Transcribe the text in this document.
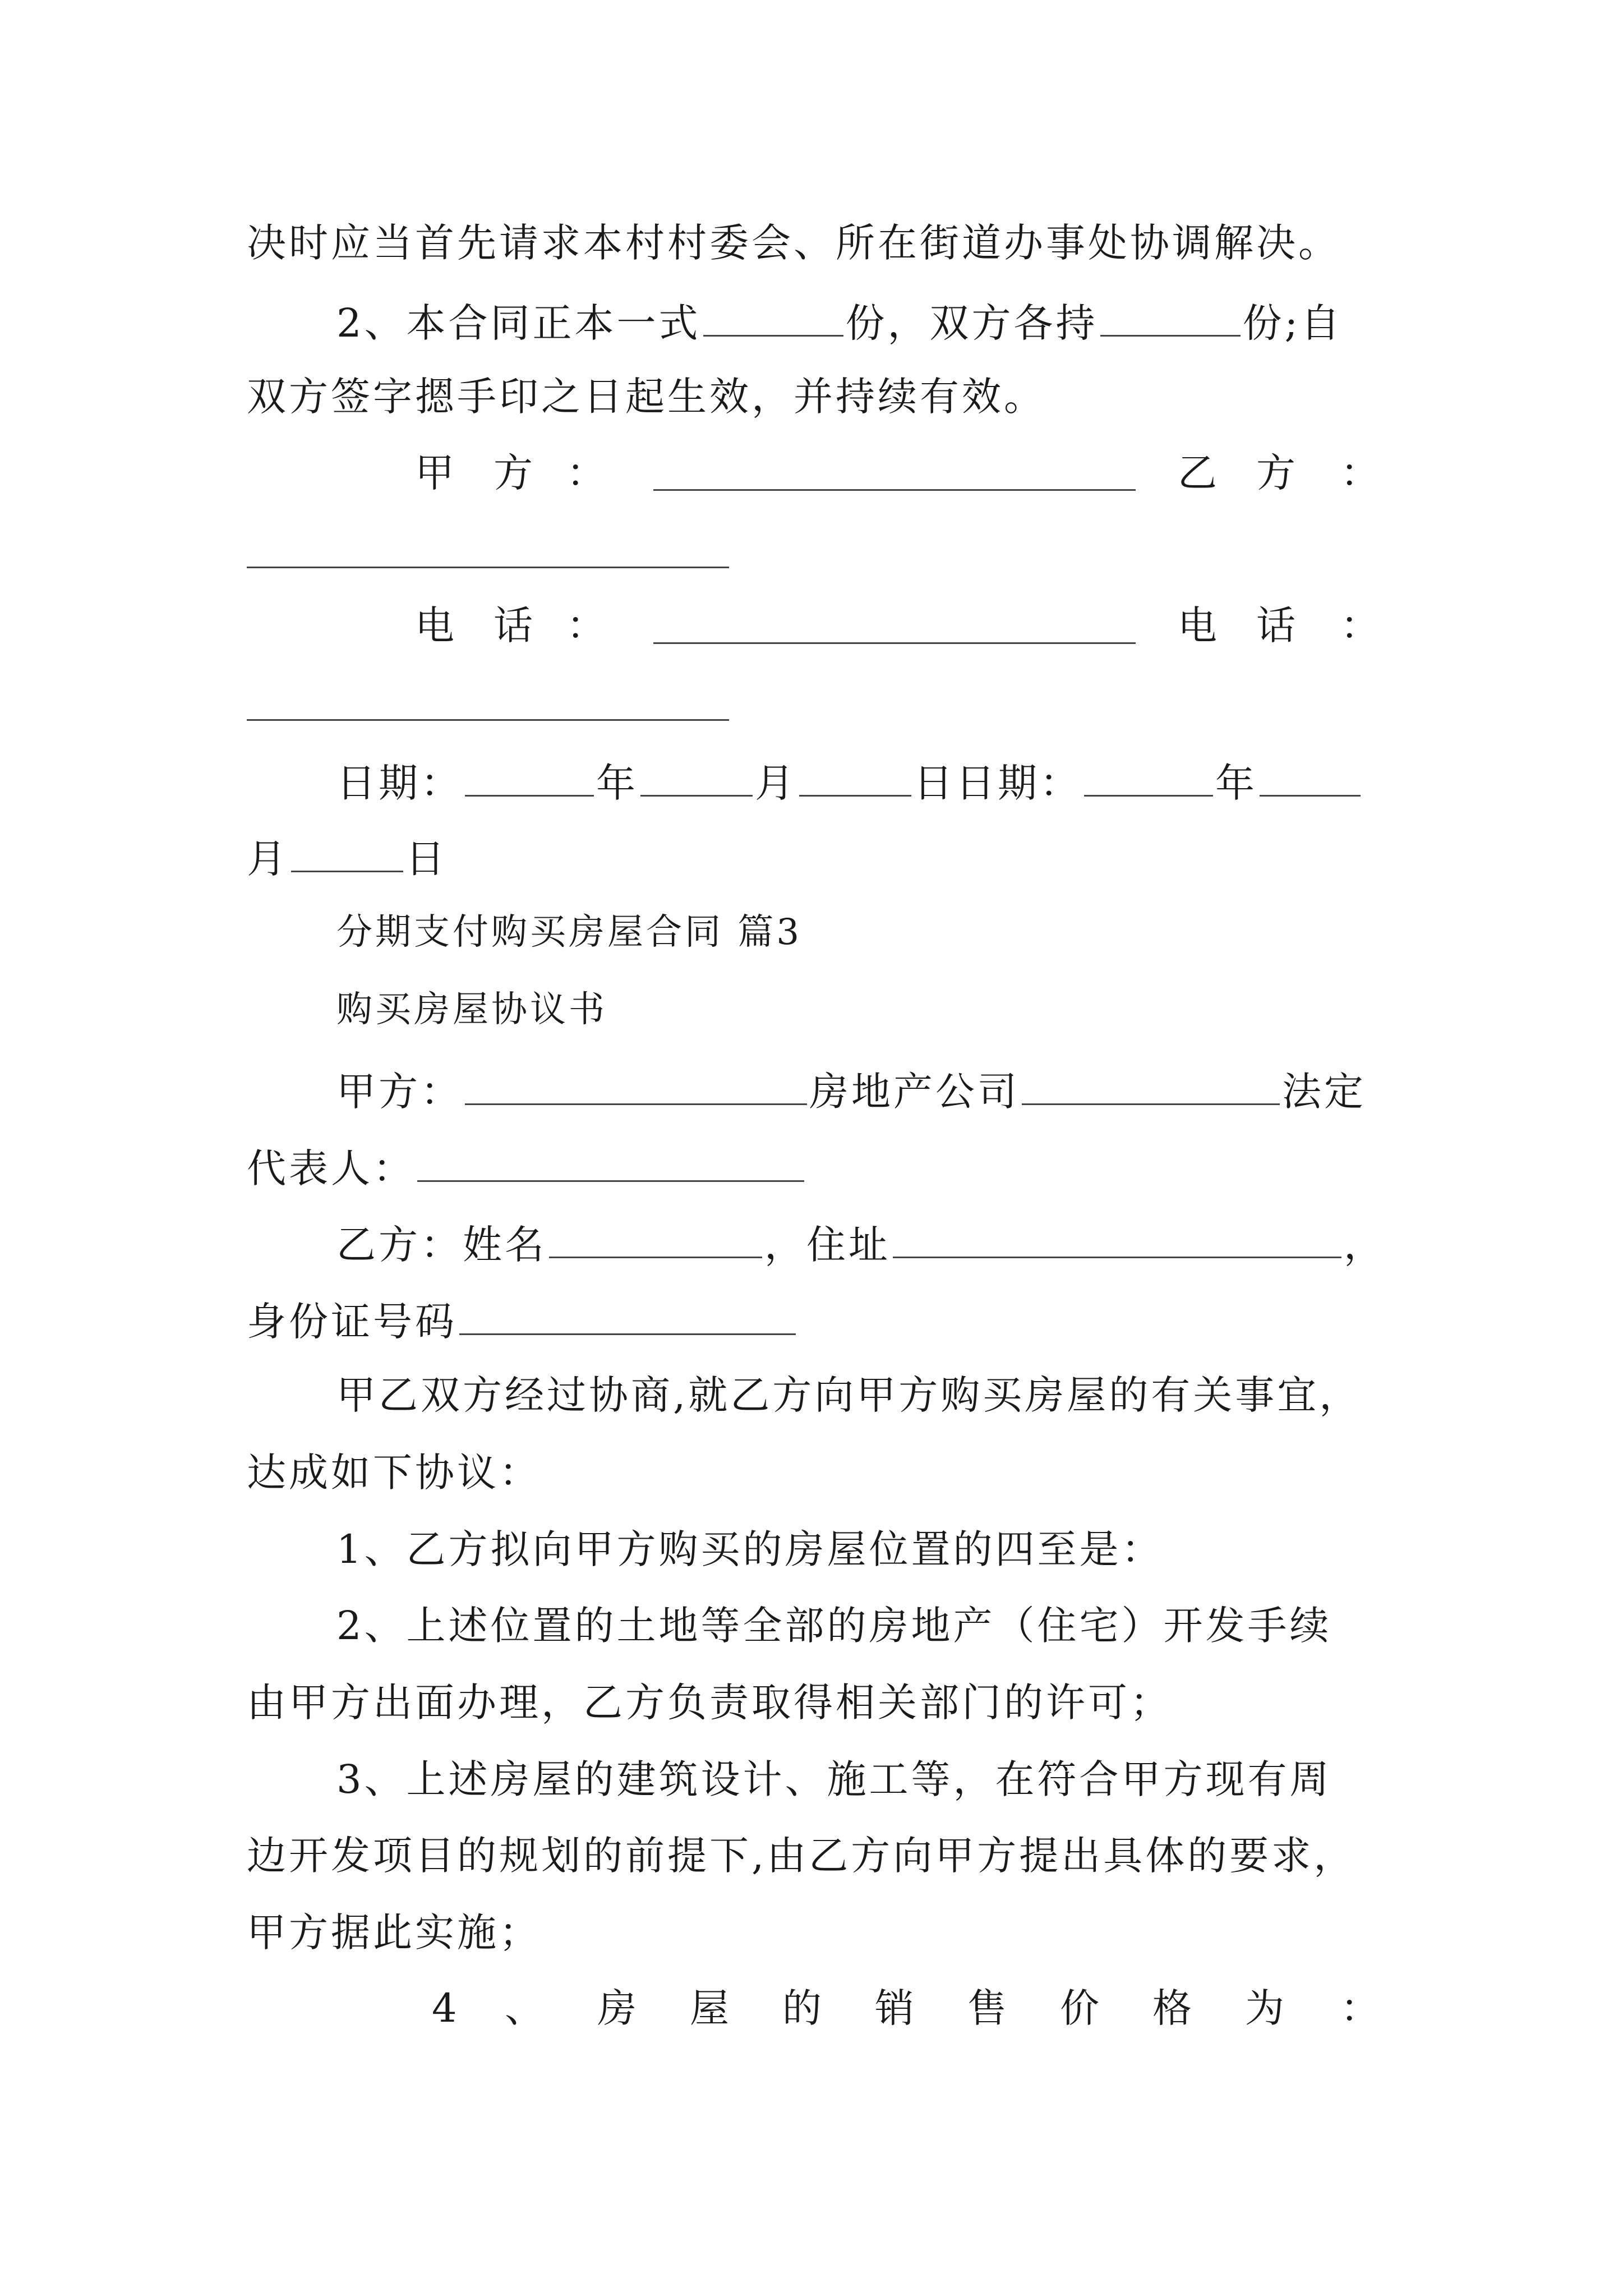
决时应当首先请求本村村委会、所在街道办事处协调解决。
2、本合同正本一式	份，双方各持	份;自
双方签字摁手印之日起生效，并持续有效。
甲 方 ：	乙 方 ：
电 话 ：	电 话 ：
日期：	年	月	日日期：	年
月	日
分期支付购买房屋合同 篇3
购买房屋协议书
甲方：	房地产公司	法定
代表人：
乙方：姓名	，住址	，
身份证号码
甲乙双方经过协商,就乙方向甲方购买房屋的有关事宜，
达成如下协议：
1、乙方拟向甲方购买的房屋位置的四至是：
2、上述位置的土地等全部的房地产（住宅）开发手续
由甲方出面办理，乙方负责取得相关部门的许可；
3、上述房屋的建筑设计、施工等，在符合甲方现有周
边开发项目的规划的前提下,由乙方向甲方提出具体的要求，
甲方据此实施；
4 、 房 屋 的 销 售 价 格 为 ：
